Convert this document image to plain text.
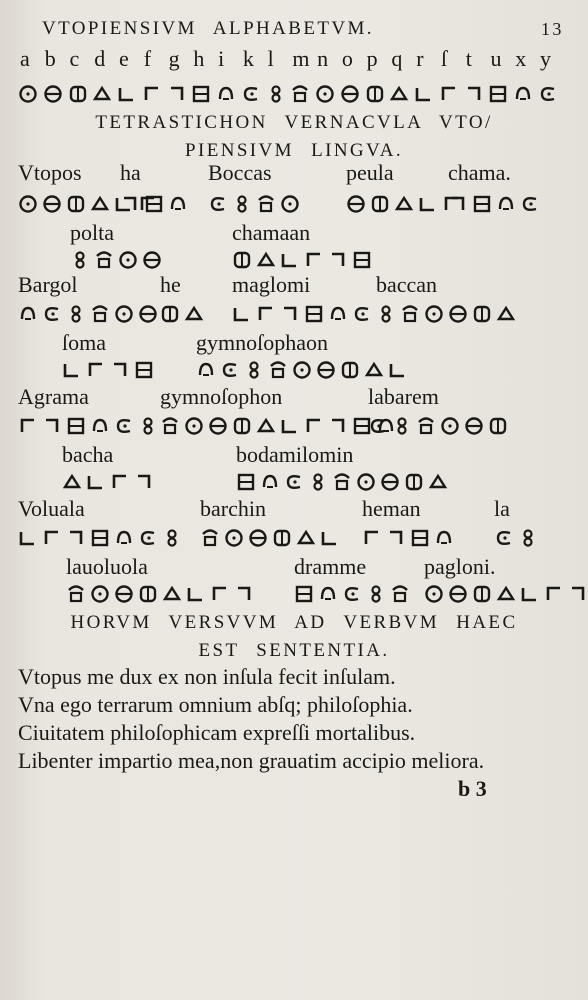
VTOPIENSIVM ALPHABETVM.	13
a b c d e f g h i k l m n o p q r ſ t u x y
TETRASTICHON VERNACVLA VTO/
PIENSIVM LINGVA.
Vtopos ha	Boccas	peula chama.
polta	chamaan
Bargol	he maglomi	baccan
ſoma	gymnoſophaon
Agrama	gymnoſophon	labarem
bacha	bodamilomin
Voluala	barchin	heman	la
lauoluola	dramme	pagloni.
HORVM VERSVVM AD VERBVM HAEC
EST SENTENTIA.
Vtopus me dux ex non inſula fecit inſulam.
Vna ego terrarum omnium abſq; philoſophia.
Ciuitatem philoſophicam expreſſi mortalibus.
Libenter impartio mea,non grauatim accipio meliora.
b 3
